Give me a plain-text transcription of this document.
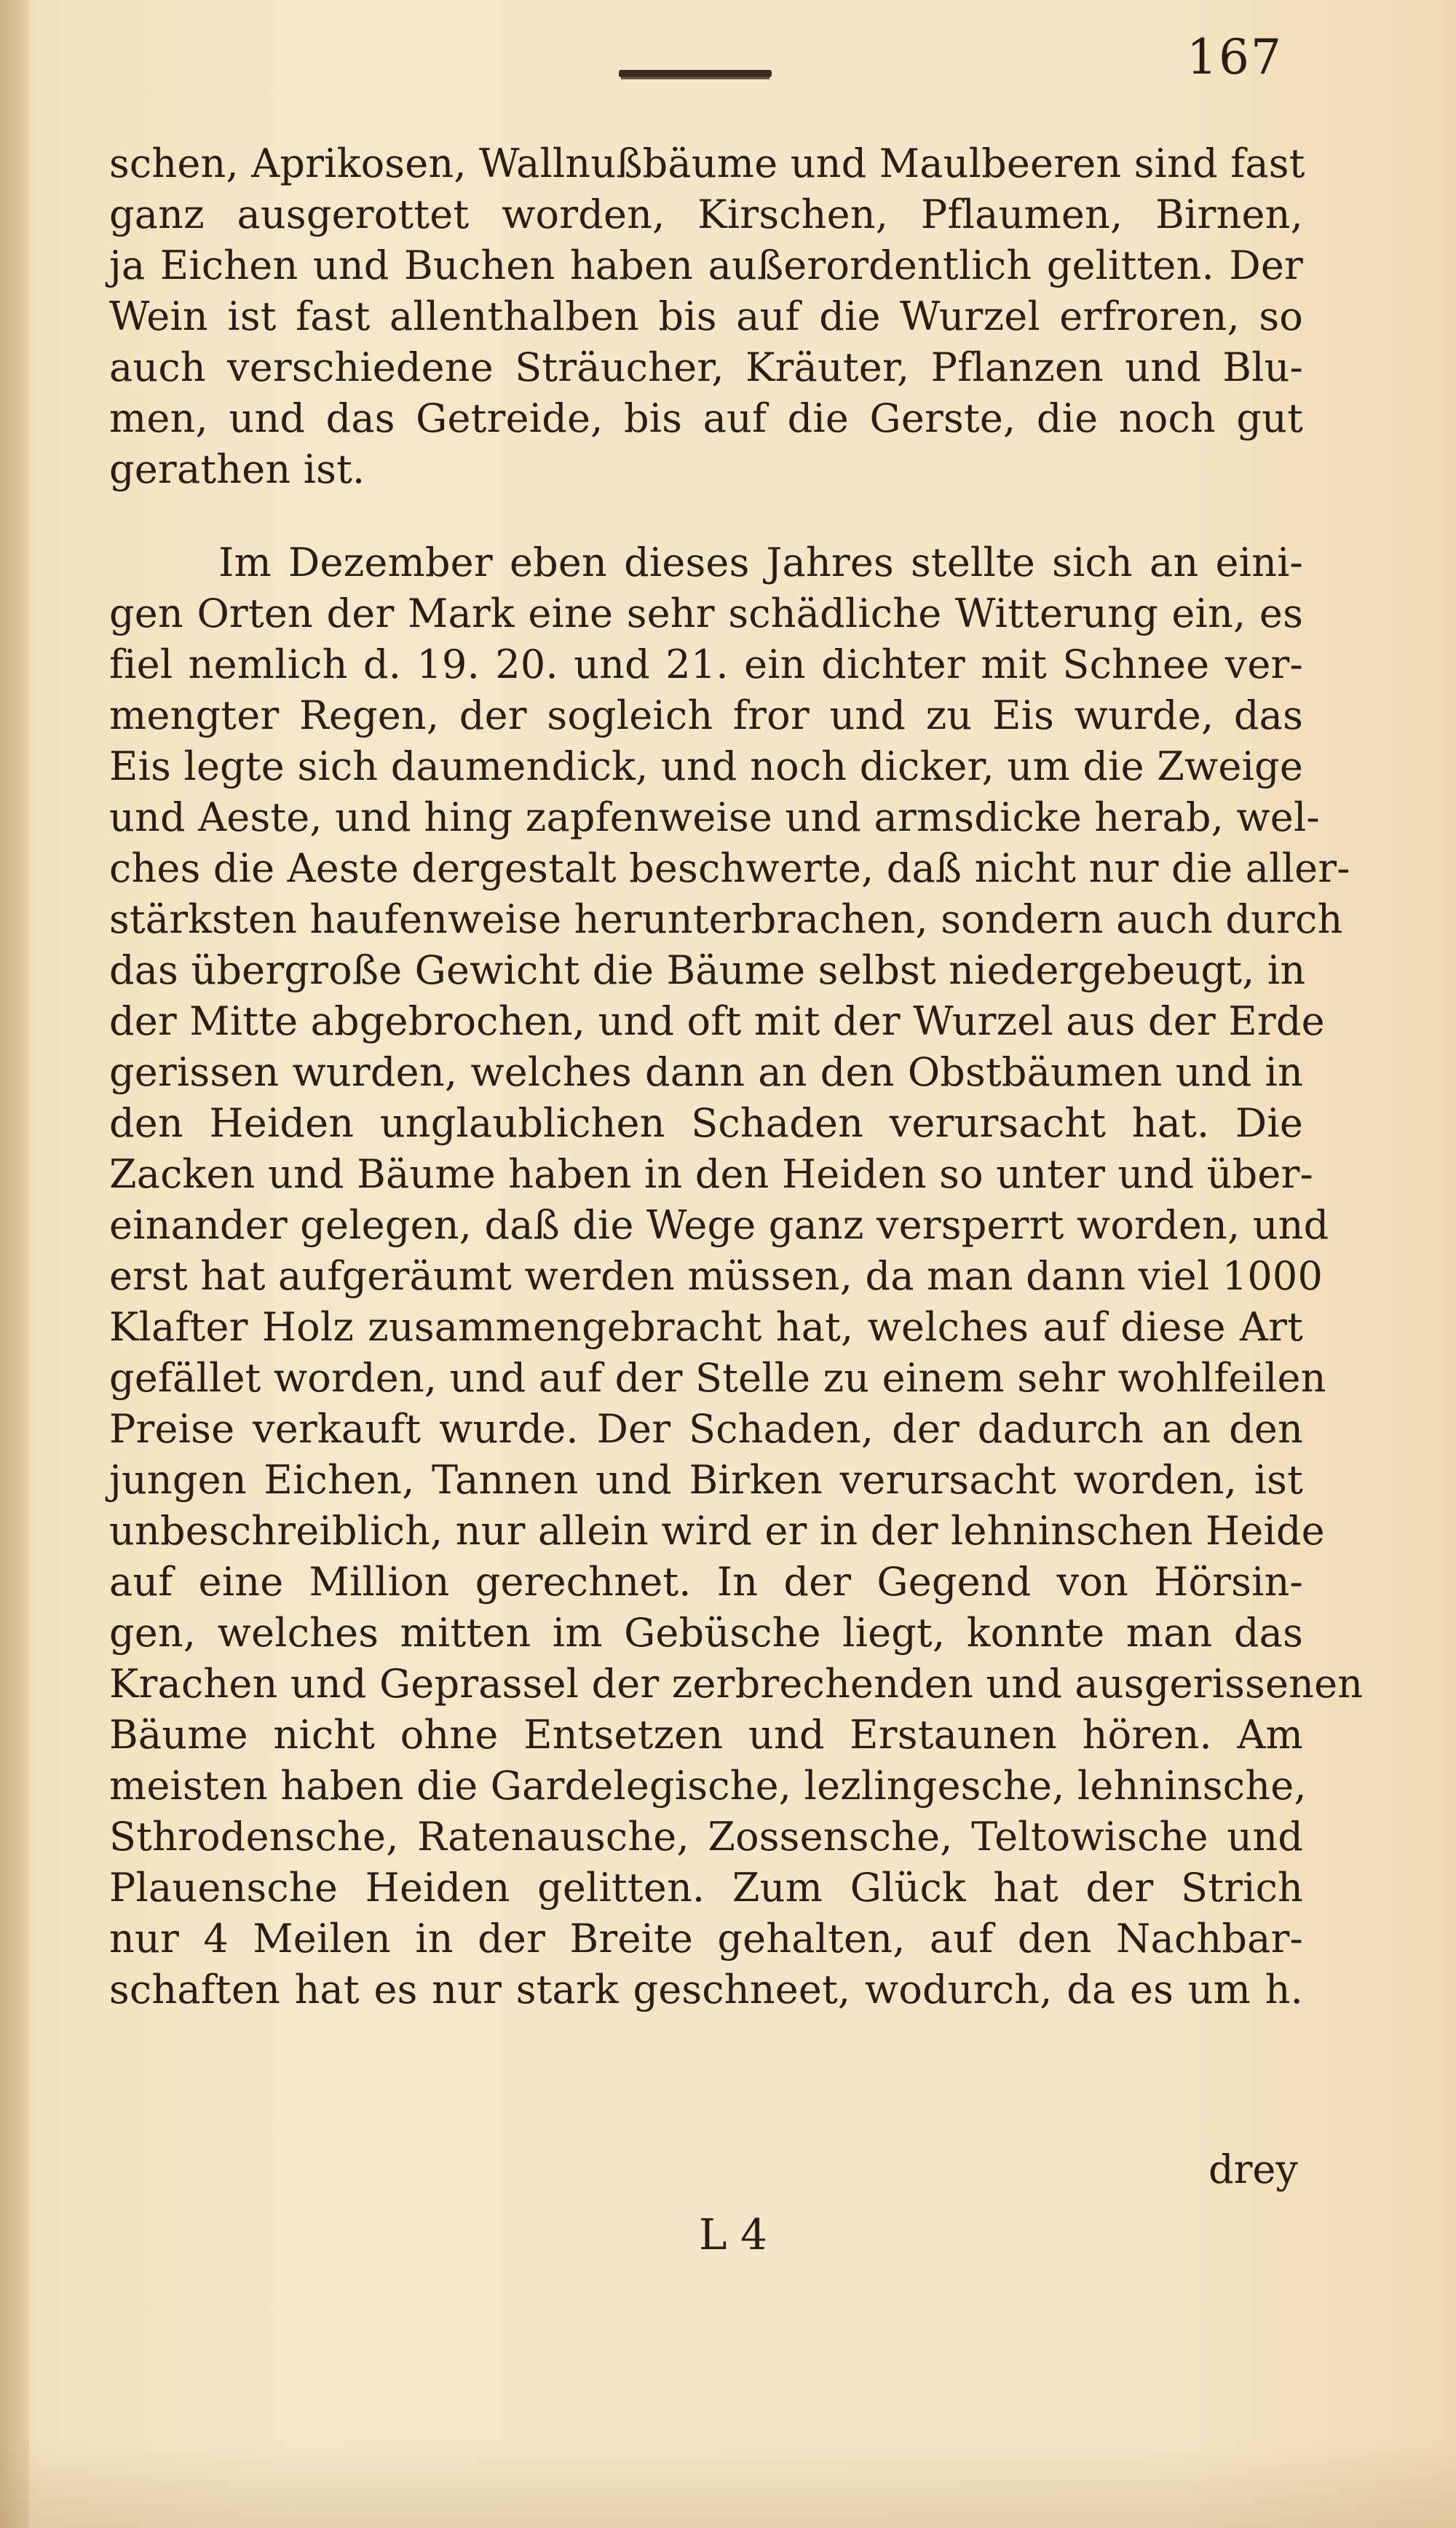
167
schen, Aprikosen, Wallnußbäume und Maulbeeren sind fast
ganz ausgerottet worden, Kirschen, Pflaumen, Birnen,
ja Eichen und Buchen haben außerordentlich gelitten. Der
Wein ist fast allenthalben bis auf die Wurzel erfroren, so
auch verschiedene Sträucher, Kräuter, Pflanzen und Blu-
men, und das Getreide, bis auf die Gerste, die noch gut
gerathen ist.
Im Dezember eben dieses Jahres stellte sich an eini-
gen Orten der Mark eine sehr schädliche Witterung ein, es
fiel nemlich d. 19. 20. und 21. ein dichter mit Schnee ver-
mengter Regen, der sogleich fror und zu Eis wurde, das
Eis legte sich daumendick, und noch dicker, um die Zweige
und Aeste, und hing zapfenweise und armsdicke herab, wel-
ches die Aeste dergestalt beschwerte, daß nicht nur die aller-
stärksten haufenweise herunterbrachen, sondern auch durch
das übergroße Gewicht die Bäume selbst niedergebeugt, in
der Mitte abgebrochen, und oft mit der Wurzel aus der Erde
gerissen wurden, welches dann an den Obstbäumen und in
den Heiden unglaublichen Schaden verursacht hat. Die
Zacken und Bäume haben in den Heiden so unter und über-
einander gelegen, daß die Wege ganz versperrt worden, und
erst hat aufgeräumt werden müssen, da man dann viel 1000
Klafter Holz zusammengebracht hat, welches auf diese Art
gefället worden, und auf der Stelle zu einem sehr wohlfeilen
Preise verkauft wurde. Der Schaden, der dadurch an den
jungen Eichen, Tannen und Birken verursacht worden, ist
unbeschreiblich, nur allein wird er in der lehninschen Heide
auf eine Million gerechnet. In der Gegend von Hörsin-
gen, welches mitten im Gebüsche liegt, konnte man das
Krachen und Geprassel der zerbrechenden und ausgerissenen
Bäume nicht ohne Entsetzen und Erstaunen hören. Am
meisten haben die Gardelegische, lezlingesche, lehninsche,
Sthrodensche, Ratenausche, Zossensche, Teltowische und
Plauensche Heiden gelitten. Zum Glück hat der Strich
nur 4 Meilen in der Breite gehalten, auf den Nachbar-
schaften hat es nur stark geschneet, wodurch, da es um h.
drey
L 4
